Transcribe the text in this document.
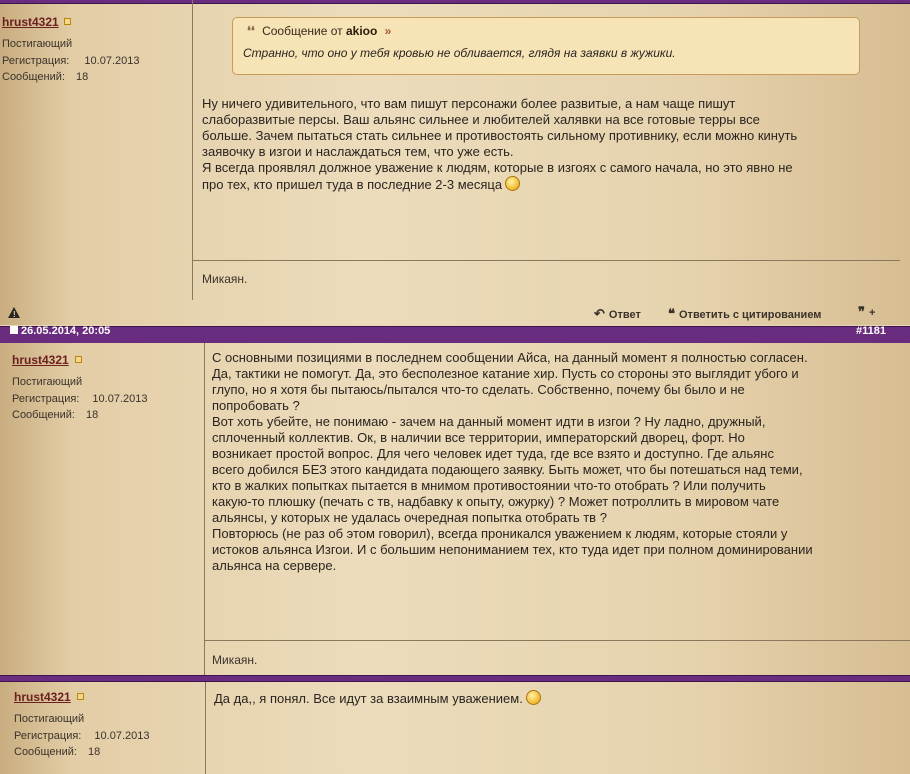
hrust4321
Постигающий
Регистрация: 10.07.2013
Сообщений: 18
❛❛ Сообщение от akioo »
Странно, что оно у тебя кровью не обливается, глядя на заявки в жужики.
Ну ничего удивительного, что вам пишут персонажи более развитые, а нам чаще пишут
слаборазвитые персы. Ваш альянс сильнее и любителей халявки на все готовые терры все
больше. Зачем пытаться стать сильнее и противостоять сильному противнику, если можно кинуть
заявочку в изгои и наслаждаться тем, что уже есть.
Я всегда проявлял должное уважение к людям, которые в изгоях с самого начала, но это явно не
про тех, кто пришел туда в последние 2-3 месяца
Микаян.
!	↶ Ответ ❝ Ответить с цитированием	❞ +
26.05.2014, 20:05	#1181
hrust4321
Постигающий
Регистрация: 10.07.2013
Сообщений: 18
С основными позициями в последнем сообщении Айса, на данный момент я полностью согласен.
Да, тактики не помогут. Да, это бесполезное катание хир. Пусть со стороны это выглядит убого и
глупо, но я хотя бы пытаюсь/пытался что-то сделать. Собственно, почему бы было и не
попробовать ?
Вот хоть убейте, не понимаю - зачем на данный момент идти в изгои ? Ну ладно, дружный,
сплоченный коллектив. Ок, в наличии все территории, императорский дворец, форт. Но
возникает простой вопрос. Для чего человек идет туда, где все взято и доступно. Где альянс
всего добился БЕЗ этого кандидата подающего заявку. Быть может, что бы потешаться над теми,
кто в жалких попытках пытается в мнимом противостоянии что-то отобрать ? Или получить
какую-то плюшку (печать с тв, надбавку к опыту, ожурку) ? Может потроллить в мировом чате
альянсы, у которых не удалась очередная попытка отобрать тв ?
Повторюсь (не раз об этом говорил), всегда проникался уважением к людям, которые стояли у
истоков альянса Изгои. И с большим непониманием тех, кто туда идет при полном доминировании
альянса на сервере.
Микаян.
hrust4321
Постигающий
Регистрация: 10.07.2013
Сообщений: 18
Да да,, я понял. Все идут за взаимным уважением.
